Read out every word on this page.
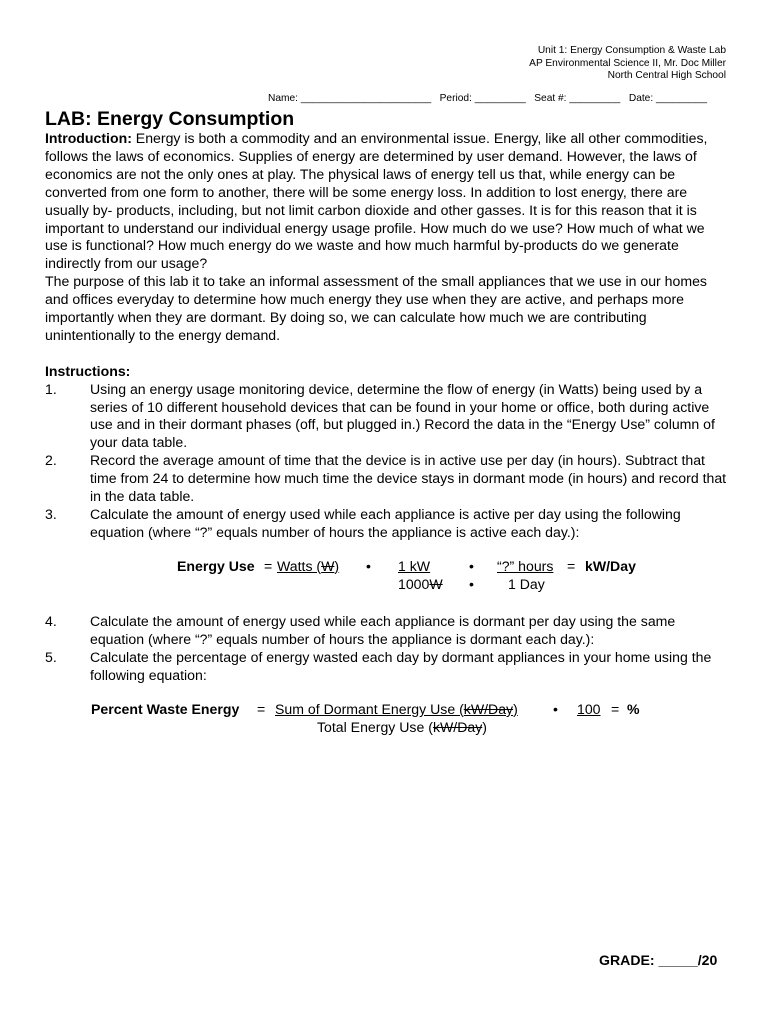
Unit 1: Energy Consumption & Waste Lab
AP Environmental Science II, Mr. Doc Miller
North Central High School
Name: _______________________   Period: _________   Seat #: _________   Date: _________
LAB: Energy Consumption

Introduction: Energy is both a commodity and an environmental issue. Energy, like all other commodities, follows the laws of economics. Supplies of energy are determined by user demand. However, the laws of economics are not the only ones at play. The physical laws of energy tell us that, while energy can be converted from one form to another, there will be some energy loss. In addition to lost energy, there are usually by- products, including, but not limit carbon dioxide and other gasses. It is for this reason that it is important to understand our individual energy usage profile. How much do we use? How much of what we use is functional? How much energy do we waste and how much harmful by-products do we generate indirectly from our usage?

The purpose of this lab it to take an informal assessment of the small appliances that we use in our homes and offices everyday to determine how much energy they use when they are active, and perhaps more importantly when they are dormant. By doing so, we can calculate how much we are contributing unintentionally to the energy demand.

Instructions:

1.	Using an energy usage monitoring device, determine the flow of energy (in Watts) being used by a series of 10 different household devices that can be found in your home or office, both during active use and in their dormant phases (off, but plugged in.) Record the data in the “Energy Use” column of your data table.
2.	Record the average amount of time that the device is in active use per day (in hours). Subtract that time from 24 to determine how much time the device stays in dormant mode (in hours) and record that in the data table.
3.	Calculate the amount of energy used while each appliance is active per day using the following equation (where “?” equals number of hours the appliance is active each day.):
4.	Calculate the amount of energy used while each appliance is dormant per day using the same equation (where “?” equals number of hours the appliance is dormant each day.):
5.	Calculate the percentage of energy wasted each day by dormant appliances in your home using the following equation:
Energy Use = Watts (W) • 1 kW	• “?” hours = kW/Day
1000W • 1 Day
Percent Waste Energy = Sum of Dormant Energy Use (kW/Day)	•	100 = %
Total Energy Use (kW/Day)
GRADE: _____/20
